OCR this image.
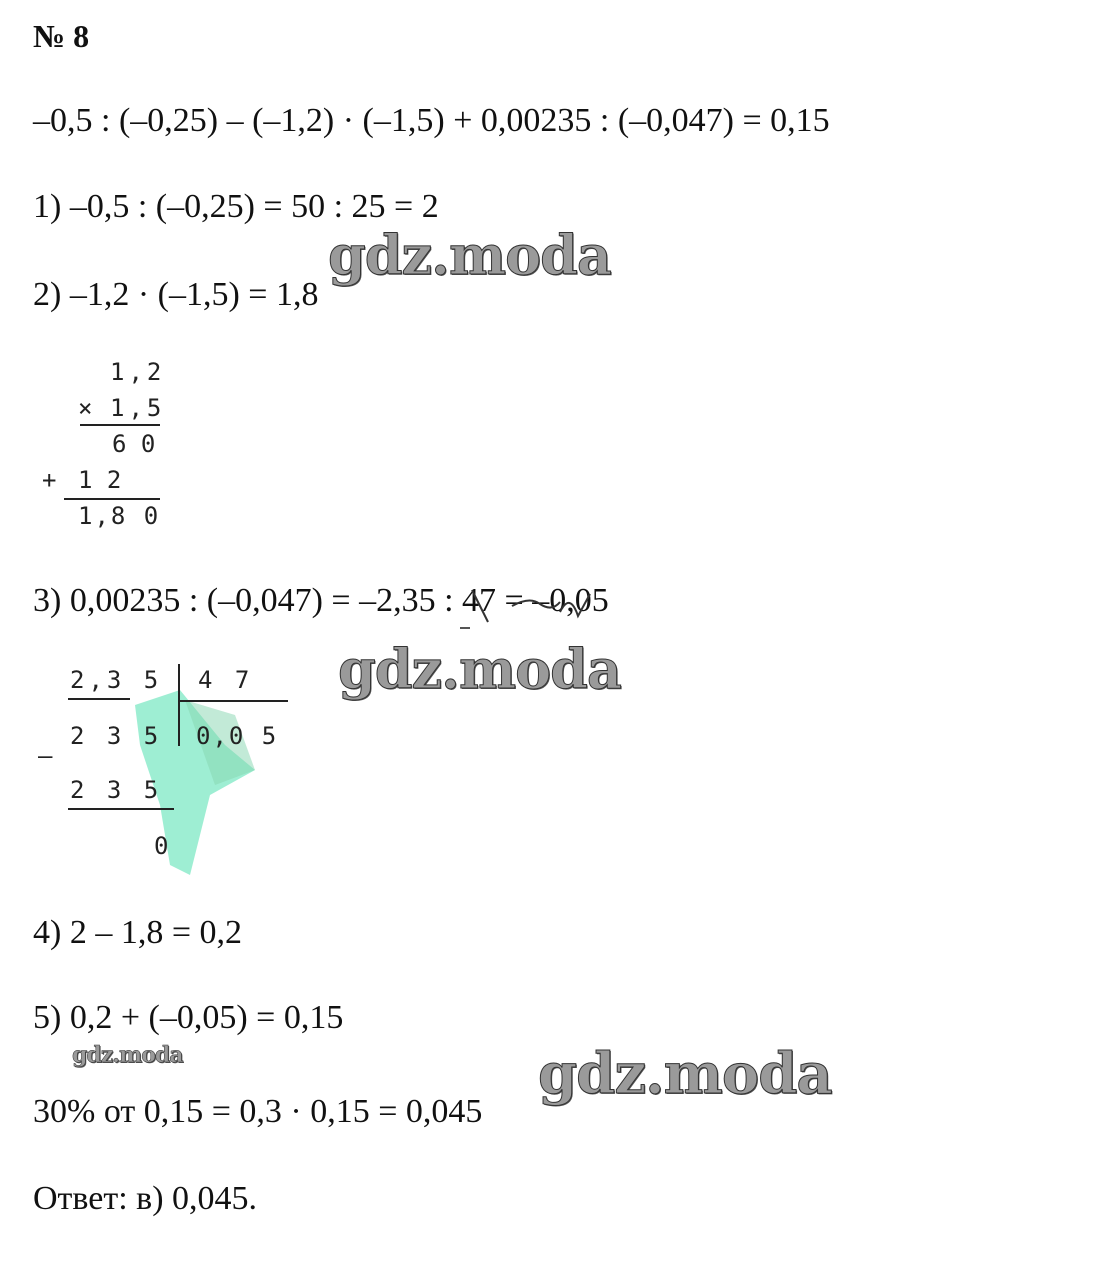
№ 8
–0,5 : (–0,25) – (–1,2) · (–1,5) + 0,00235 : (–0,047) = 0,15
1) –0,5 : (–0,25) = 50 : 25 = 2
2) –1,2 · (–1,5) = 1,8
1,2
× 1,5
6 0
+ 1 2
1,8 0
3) 0,00235 : (–0,047) = –2,35 : 47 = –0,05
2,3 5 4 7
2 3 5 0,0 5
–
2 3 5
0
4) 2 – 1,8 = 0,2
5) 0,2 + (–0,05) = 0,15
30% от 0,15 = 0,3 · 0,15 = 0,045
Ответ: в) 0,045.
gdz.moda
gdz.moda
gdz.moda	gdz.moda
